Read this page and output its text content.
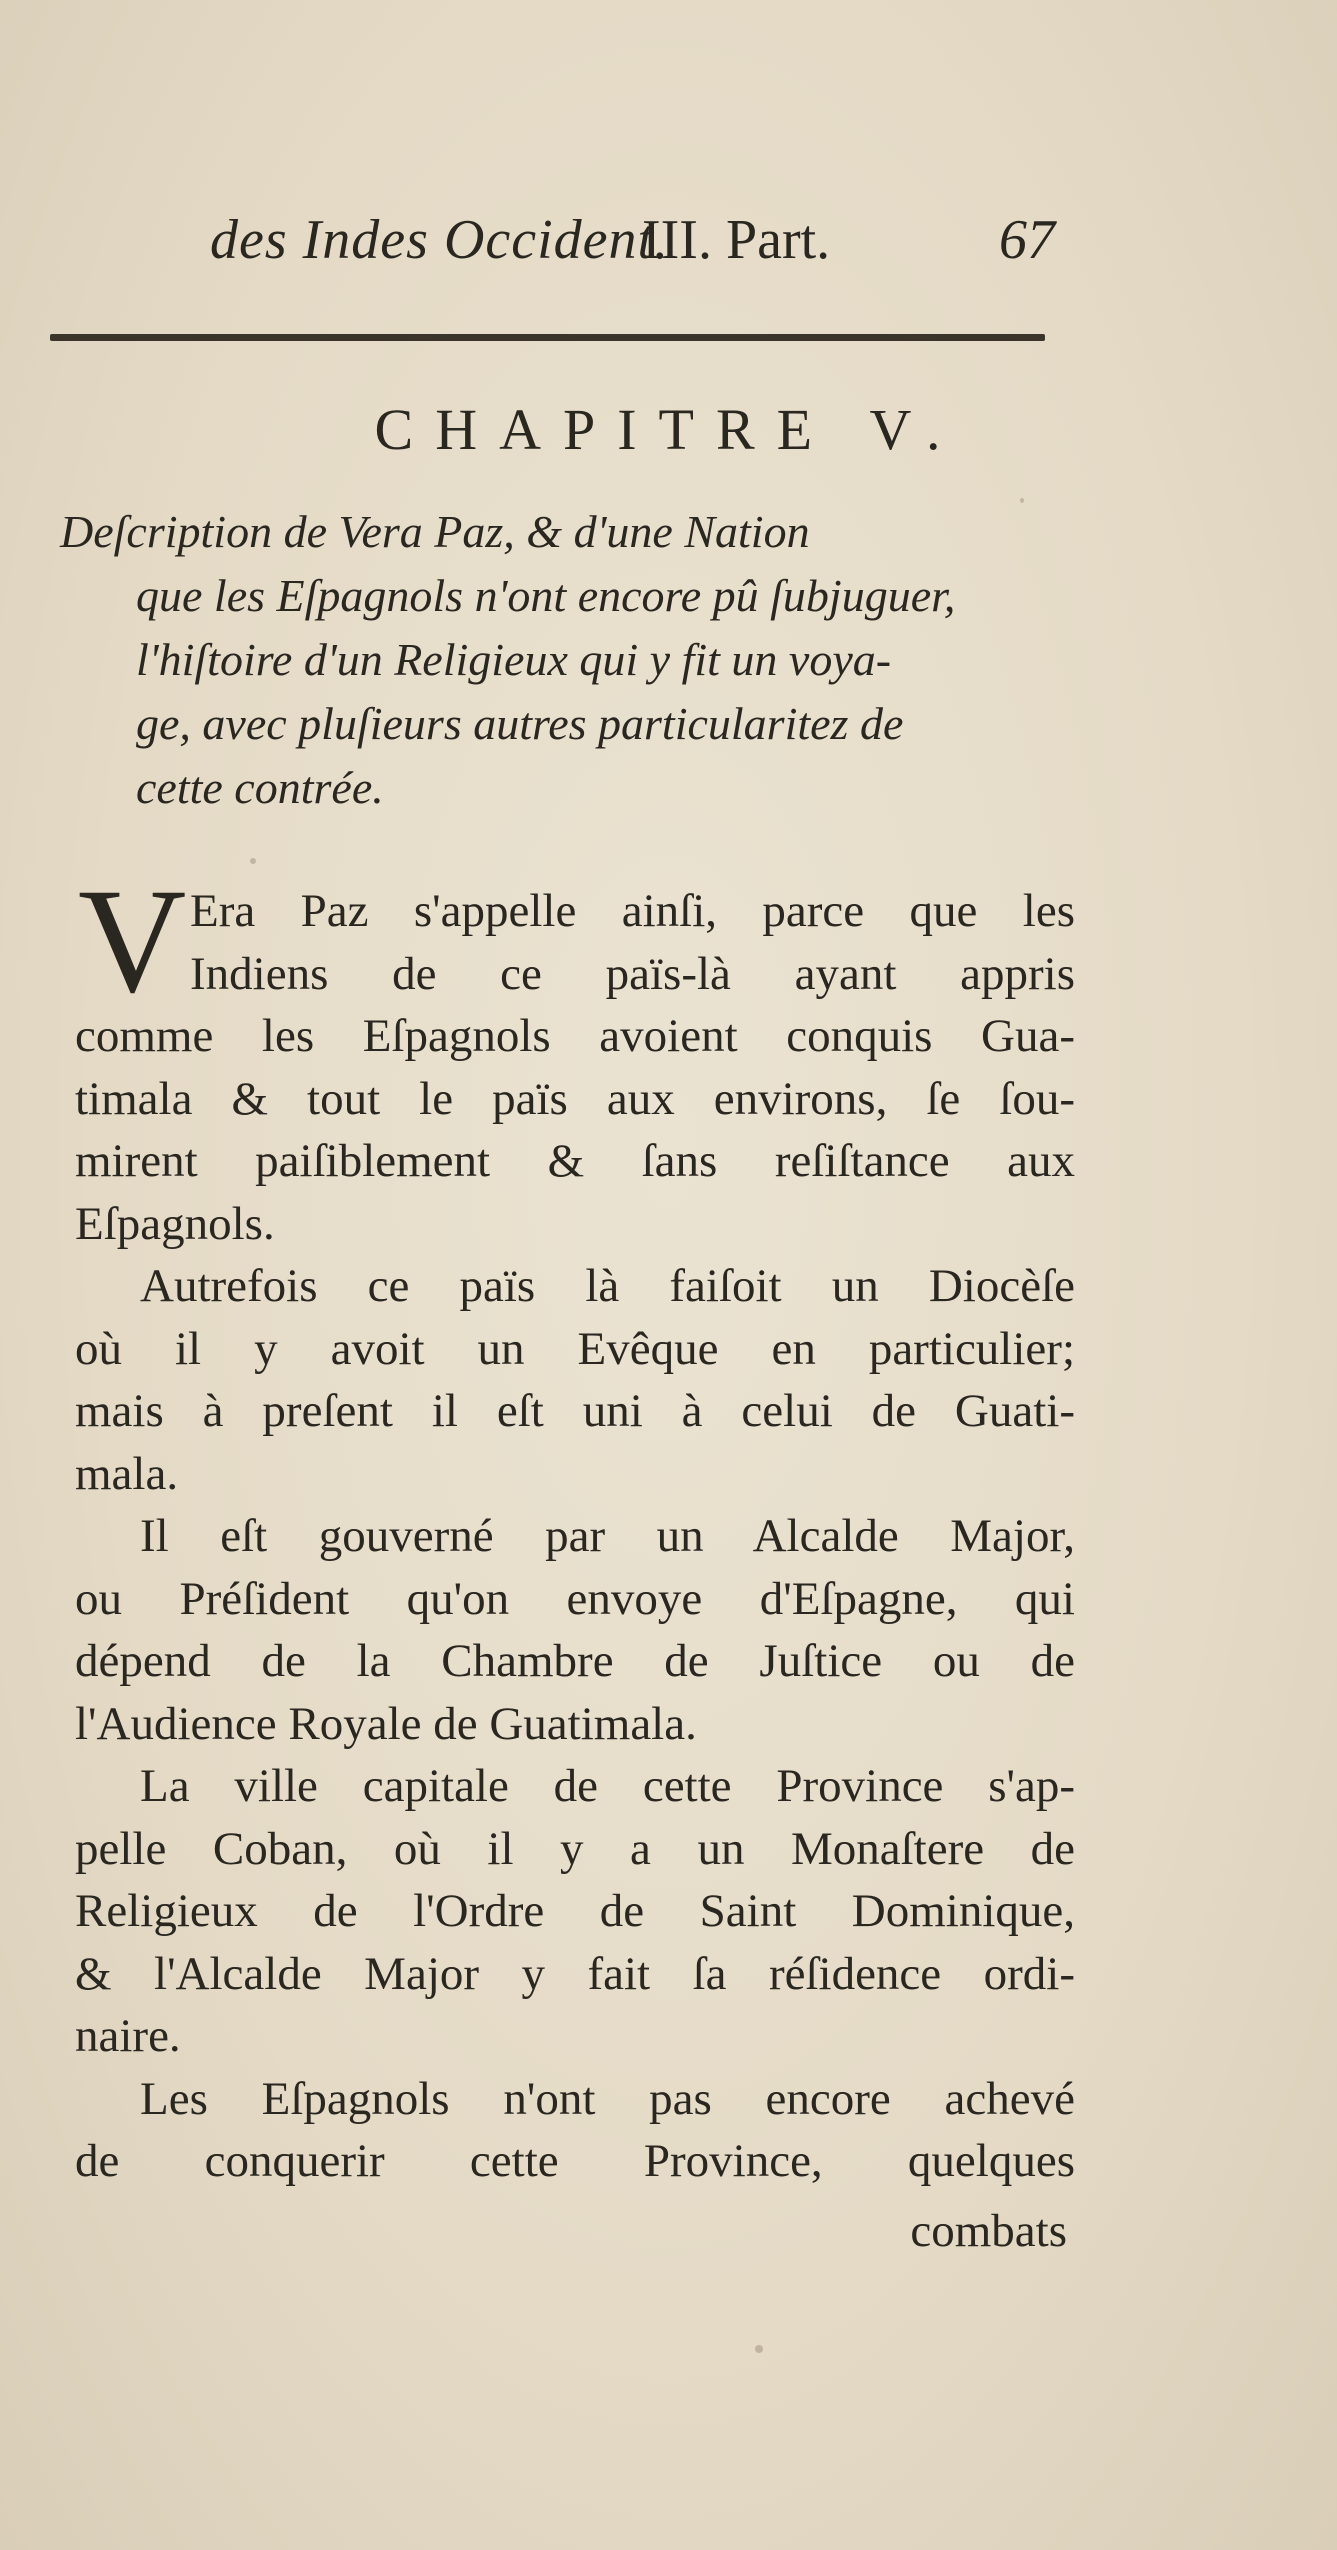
des Indes Occident.
III. Part.	67
CHAPITRE V.
Deſcription de Vera Paz, & d'une Nation
que les Eſpagnols n'ont encore pû ſubjuguer,
l'hiſtoire d'un Religieux qui y fit un voya-
ge, avec pluſieurs autres particularitez de
cette contrée.
V Era Paz s'appelle ainſi, parce que les
Indiens de ce païs-là ayant appris
comme les Eſpagnols avoient conquis Gua-
timala & tout le païs aux environs, ſe ſou-
mirent paiſiblement & ſans reſiſtance aux
Eſpagnols.
Autrefois ce païs là faiſoit un Diocèſe
où il y avoit un Evêque en particulier;
mais à preſent il eſt uni à celui de Guati-
mala.
Il eſt gouverné par un Alcalde Major,
ou Préſident qu'on envoye d'Eſpagne, qui
dépend de la Chambre de Juſtice ou de
l'Audience Royale de Guatimala.
La ville capitale de cette Province s'ap-
pelle Coban, où il y a un Monaſtere de
Religieux de l'Ordre de Saint Dominique,
& l'Alcalde Major y fait ſa réſidence ordi-
naire.
Les Eſpagnols n'ont pas encore achevé
de conquerir cette Province, quelques
combats
